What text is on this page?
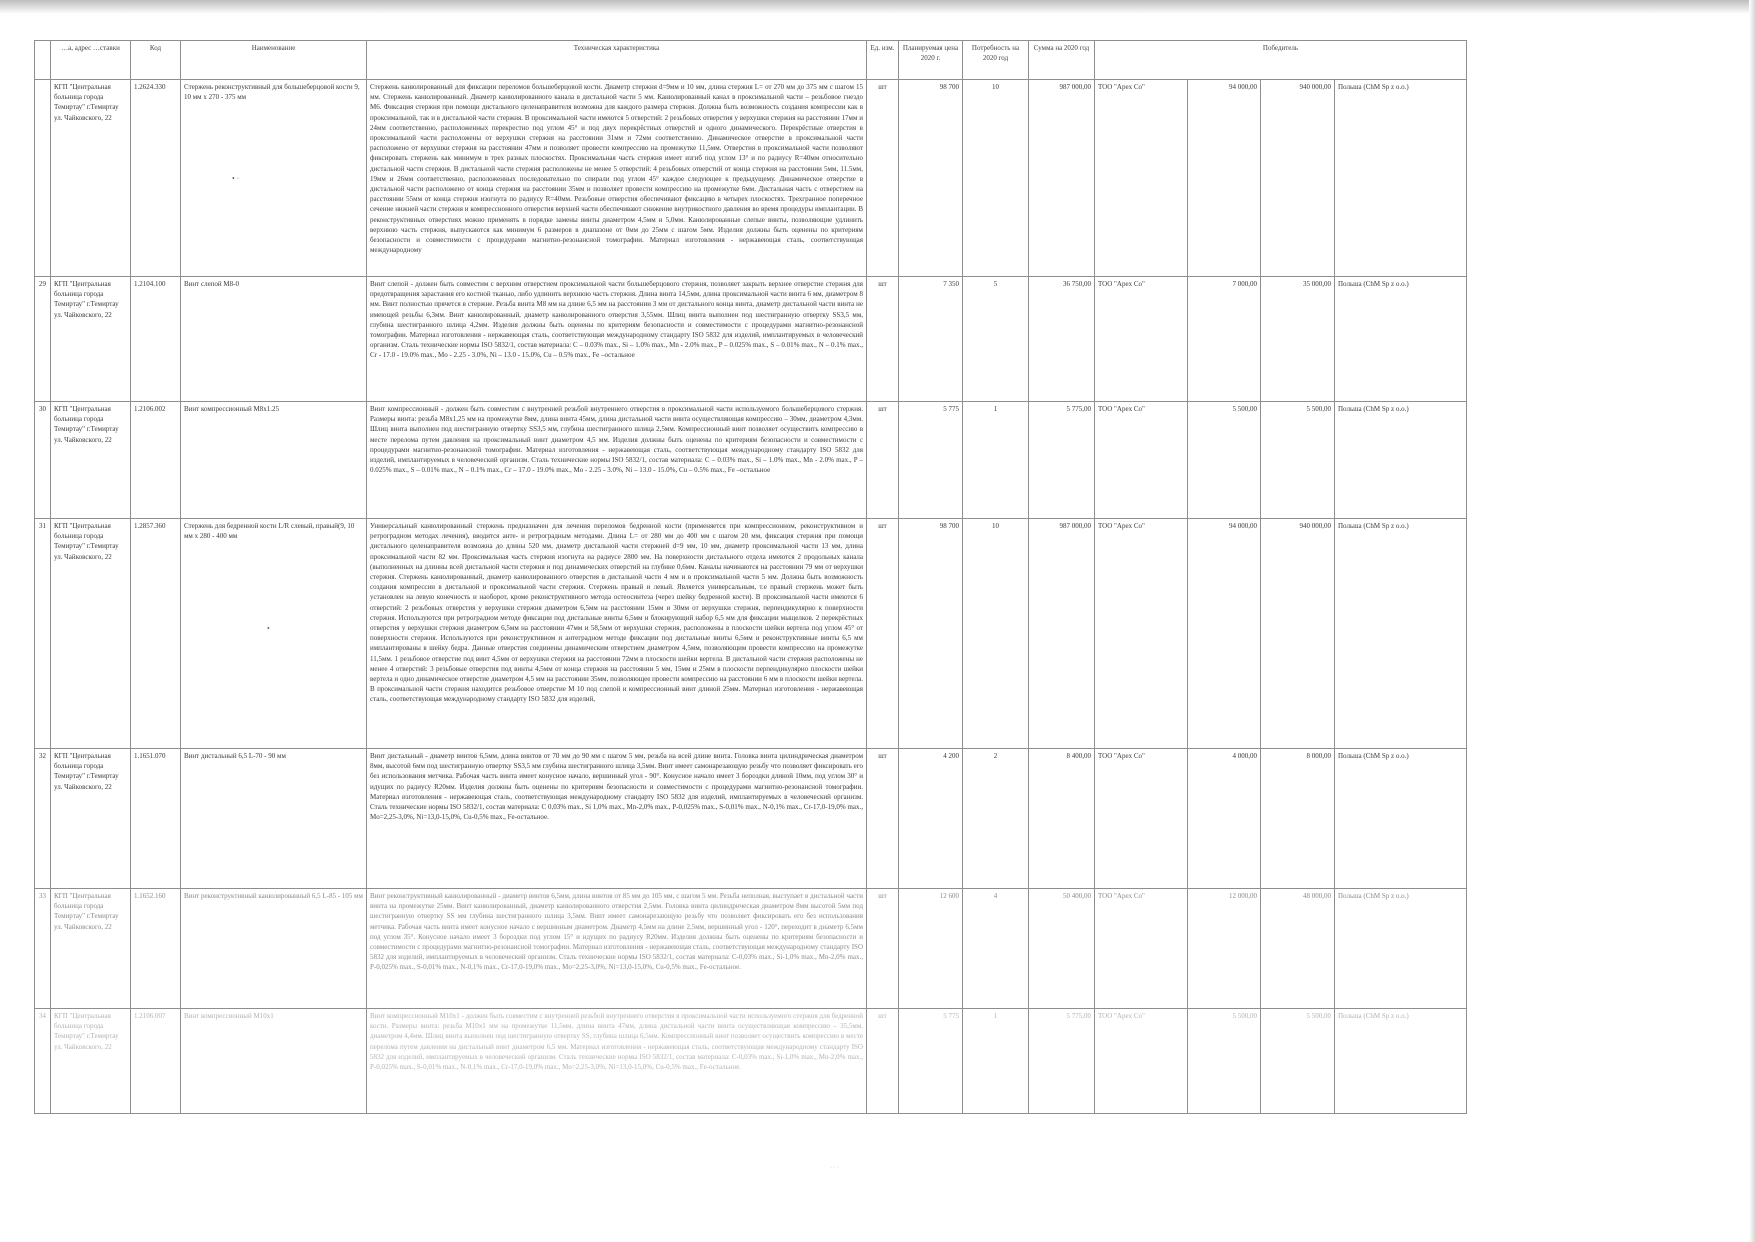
	…а, адрес …ставки	Код	Наименование	Техническая характеристика	Ед. изм.	Планируемая цена 2020 г.	Потребность на 2020 год	Сумма на 2020 год	Победитель			
	КГП "Центральная больница города Темиртау" г.Темиртау ул. Чайковского, 22	1.2624.330	Стержень реконструктивный для большеберцовой кости 9, 10 мм х 270 - 375 мм	Стержень канюлированный для фиксации переломов большеберцовой кости. Диаметр стержня d=9мм и 10 мм, длина стержня L= от 270 мм до 375 мм с шагом 15 мм. Стержень канюлированный. Диаметр канюлированного канала в дистальной части 5 мм. Канюлированный канал в проксимальной части – резьбовое гнездо М6. Фиксация стержня при помощи дистального целенаправителя возможна для каждого размера стержня. Должна быть возможность создания компрессии как в проксимальной, так и в дистальной части стержня. В проксимальной части имеются 5 отверстий: 2 резьбовых отверстия у верхушки стержня на расстоянии 17мм и 24мм соответственно, расположенных перекрестно под углом 45° и под двух перекрёстных отверстий и одного динамического. Перекрёстные отверстия в проксимальной части расположены от верхушки стержня на расстоянии 31мм и 72мм соответственно. Динамическое отверстие в проксимальной части расположено от верхушки стержня на расстоянии 47мм и позволяет провести компрессию на промежутке 11,5мм. Отверстия в проксимальной части позволяют фиксировать стержень как минимум в трех разных плоскостях. Проксимальная часть стержня имеет изгиб под углом 13° и по радиусу R=40мм относительно дистальной части стержня. В дистальной части стержня расположены не менее 5 отверстий: 4 резьбовых отверстий от конца стержня на расстоянии 5мм, 11.5мм, 19мм и 26мм соответственно, расположенных последовательно по спирали под углом 45° каждое следующее к предыдущему. Динамическое отверстие в дистальной части расположено от конца стержня на расстоянии 35мм и позволяет провести компрессию на промежутке 6мм. Дистальная часть с отверстием на расстоянии 55мм от конца стержня изогнута по радиусу R=40мм. Резьбовые отверстия обеспечивают фиксацию в четырех плоскостях. Трехгранное поперечное сечение нижней части стержня и компрессионного отверстия верхней части обеспечивают снижение внутрикостного давления во время процедуры имплантации. В реконструктивных отверстиях можно применять в порядке замены винты диаметром 4,5мм и 5,0мм. Канюлированные слепые винты, позволяющие удлинить верхнюю часть стержня, выпускаются как минимум 6 размеров в диапазоне от 0мм до 25мм с шагом 5мм. Изделия должны быть оценены по критериям безопасности и совместимости с процедурами магнитно-резонансной томографии. Материал изготовления - нержавеющая сталь, соответствующая международному	шт	98 700	10	987 000,00	ТОО "Apex Co"	94 000,00	940 000,00	Польша (ChM Sp z o.o.)
29	КГП "Центральная больница города Темиртау" г.Темиртау ул. Чайковского, 22	1.2104.100	Винт слепой М8-0	Винт слепой - должен быть совместим с верхним отверстием проксимальной части большеберцового стержня, позволяет закрыть верхнее отверстие стержня для предотвращения зарастания его костной тканью, либо удлинить верхнюю часть стержня. Длина винта 14,5мм, длина проксимальной части винта 6 мм, диаметром 8 мм. Винт полностью прячется в стержне. Резьба винта М8 мм на длине 6,5 мм на расстоянии 3 мм от дистального конца винта, диаметр дистальной части винта не имеющей резьбы 6,3мм. Винт канюлированный, диаметр канюлированного отверстия 3,55мм. Шлиц винта выполнен под шестигранную отвертку SS3,5 мм, глубина шестигранного шлица 4,2мм. Изделия должны быть оценены по критериям безопасности и совместимости с процедурами магнитно-резонансной томографии. Материал изготовления - нержавеющая сталь, соответствующая международному стандарту ISO 5832 для изделий, имплантируемых в человеческий организм. Сталь технические нормы ISO 5832/1, состав материала: C – 0.03% max., Si – 1.0% max., Mn - 2.0% max., P – 0.025% max., S – 0.01% max., N – 0.1% max., Cr - 17.0 - 19.0% max., Mo - 2.25 - 3.0%, Ni – 13.0 - 15.0%, Cu – 0.5% max., Fe –остальное	шт	7 350	5	36 750,00	ТОО "Apex Co"	7 000,00	35 000,00	Польша (ChM Sp z o.o.)
30	КГП "Центральная больница города Темиртау" г.Темиртау ул. Чайковского, 22	1.2106.002	Винт компрессионный М8х1.25	Винт компрессионный - должен быть совместим с внутренней резьбой внутреннего отверстия в проксимальной части используемого большеберцового стержня. Размеры винта: резьба М8х1,25 мм на промежутке 8мм, длина винта 45мм, длина дистальной части винта осуществляющая компрессию – 30мм, диаметром 4,3мм. Шлиц винта выполнен под шестигранную отвертку SS3,5 мм, глубина шестигранного шлица 2,5мм. Компрессионный винт позволяет осуществить компрессию в месте перелома путем давления на проксимальный винт диаметром 4,5 мм. Изделия должны быть оценены по критериям безопасности и совместимости с процедурами магнитно-резонансной томографии. Материал изготовления - нержавеющая сталь, соответствующая международному стандарту ISO 5832 для изделий, имплантируемых в человеческий организм. Сталь технические нормы ISO 5832/1, состав материала: C – 0.03% max., Si – 1.0% max., Mn - 2.0% max., P – 0.025% max., S – 0.01% max., N – 0.1% max., Cr – 17.0 - 19.0% max., Mo - 2.25 - 3.0%, Ni – 13.0 - 15.0%, Cu – 0.5% max., Fe –остальное	шт	5 775	1	5 775,00	ТОО "Apex Co"	5 500,00	5 500,00	Польша (ChM Sp z o.o.)
31	КГП "Центральная больница города Темиртау" г.Темиртау ул. Чайковского, 22	1.2857.360	Стержень для бедренной кости L/R слевый, правый(9, 10 мм х 280 - 400 мм	Универсальный канюлированный стержень предназначен для лечения переломов бедренной кости (применяется при компрессионном, реконструктивном и ретроградном методах лечения), вводится анте- и ретроградным методами. Длина L= от 280 мм до 400 мм с шагом 20 мм, фиксация стержня при помощи дистального целенаправителя возможна до длины 520 мм, диаметр дистальной части стержней d=9 мм, 10 мм, диаметр проксимальной части 13 мм, длина проксимальной части 82 мм. Проксимальная часть стержня изогнута на радиусе 2800 мм. На поверхности дистального отдела имеются 2 продольных канала (выполненных на длинны всей дистальной части стержня и под динамических отверстий на глубине 0,6мм. Каналы начинаются на расстоянии 79 мм от верхушки стержня. Стержень канюлированный, диаметр канюлированного отверстия в дистальной части 4 мм и в проксимальной части 5 мм. Должна быть возможность создания компрессии в дистальной и проксимальной части стержня. Стержень правый и левый. Является универсальным, т.е правый стержень может быть установлен на левую конечность и наоборот, кроме реконструктивного метода остеосинтеза (через шейку бедренной кости). В проксимальной части имеются 6 отверстий: 2 резьбовых отверстия у верхушки стержня диаметром 6,5мм на расстоянии 15мм и 30мм от верхушки стержня, перпендикулярно к поверхности стержня. Используются при ретроградном методе фиксации под дистальные винты 6,5мм и блокирующий набор 6,5 мм для фиксации мыщелков. 2 перекрёстных отверстия у верхушки стержня диаметром 6,5мм на расстоянии 47мм и 58,5мм от верхушки стержня, расположены в плоскости шейки вертела под углом 45° от поверхности стержня. Используются при реконструктивном и антеградном методе фиксации под дистальные винты 6,5мм и реконструктивные винты 6,5 мм имплантированы в шейку бедра. Данные отверстия соединены динамическим отверстием диаметром 4,5мм, позволяющим провести компрессию на промежутке 11,5мм. 1 резьбовое отверстие под винт 4,5мм от верхушки стержня на расстоянии 72мм в плоскости шейки вертела. В дистальной части стержня расположены не менее 4 отверстий: 3 резьбовые отверстия под винты 4,5мм от конца стержня на расстоянии 5 мм, 15мм и 25мм в плоскости перпендикулярно плоскости шейки вертела и одно динамическое отверстие диаметром 4,5 мм на расстоянии 35мм, позволяющее провести компрессию на расстоянии 6 мм в плоскости шейки вертела. В проксимальной части стержня находится резьбовое отверстие М 10 под слепой и компрессионный винт длиной 25мм. Материал изготовления - нержавеющая сталь, соответствующая международному стандарту ISO 5832 для изделий,	шт	98 700	10	987 000,00	ТОО "Apex Co"	94 000,00	940 000,00	Польша (ChM Sp z o.o.)
32	КГП "Центральная больница города Темиртау" г.Темиртау ул. Чайковского, 22	1.1651.070	Винт дистальный 6,5 L-70 - 90 мм	Винт дистальный - диаметр винтов 6,5мм, длина винтов от 70 мм до 90 мм с шагом 5 мм, резьба на всей длине винта. Головка винта цилиндрическая диаметром 8мм, высотой 6мм под шестигранную отвертку SS3,5 мм глубина шестигранного шлица 3,5мм. Винт имеет самонарезающую резьбу что позволяет фиксировать его без использования метчика. Рабочая часть винта имеет конусное начало, вершинный угол - 90°. Конусное начало имеет 3 бороздки длиной 10мм, под углом 30° и идущих по радиусу R20мм. Изделия должны быть оценены по критериям безопасности и совместимости с процедурами магнитно-резонансной томографии. Материал изготовления - нержавеющая сталь, соответствующая международному стандарту ISO 5832 для изделий, имплантируемых в человеческий организм. Сталь технические нормы ISO 5832/1, состав материала: C 0,03% max., Si 1,0% max., Mn-2,0% max., P-0,025% max., S-0,01% max., N-0,1% max., Cr-17,0-19,0% max., Mo=2,25-3,0%, Ni=13,0-15,0%, Cu-0,5% max., Fe-остальное.	шт	4 200	2	8 400,00	ТОО "Apex Co"	4 000,00	8 000,00	Польша (ChM Sp z o.o.)
33	КГП "Центральная больница города Темиртау" г.Темиртау ул. Чайковского, 22	1.1652.160	Винт реконструктивный канюлированный 6,5 L-85 - 105 мм	Винт реконструктивный канюлированный - диаметр винтов 6,5мм, длина винтов от 85 мм до 105 мм, с шагом 5 мм. Резьба неполная, выступает в дистальной части винта на промежутке 25мм. Винт канюлированный, диаметр канюлированного отверстия 2,5мм. Головка винта цилиндрическая диаметром 8мм высотой 5мм под шестигранную отвертку SS мм глубина шестигранного шлица 3,5мм. Винт имеет самонарезающую резьбу что позволяет фиксировать его без использования метчика. Рабочая часть винта имеет конусное начало с вершинным диаметром. Диаметр 4,5мм на длине 2,5мм, вершинный угол - 120°, переходит в диаметр 6,5мм под углом 35°. Конусное начало имеет 3 бороздки под углом 15° и идущих по радиусу R20мм. Изделия должны быть оценены по критериям безопасности и совместимости с процедурами магнитно-резонансной томографии. Материал изготовления - нержавеющая сталь, соответствующая международному стандарту ISO 5832 для изделий, имплантируемых в человеческий организм. Сталь технические нормы ISO 5832/1, состав материала: C-0,03% max., Si-1,0% max., Mn-2,0% max., P-0,025% max., S-0,01% max., N-0,1% max., Cr-17,0-19,0% max., Mo=2,25-3,0%, Ni=13,0-15,0%, Cu-0,5% max., Fe-остальное.	шт	12 600	4	50 400,00	ТОО "Apex Co"	12 000,00	48 000,00	Польша (ChM Sp z o.o.)
34	КГП "Центральная больница города Темиртау" г.Темиртау ул. Чайковского, 22	1.2106.007	Винт компрессионный М10х1	Винт компрессионный М10х1 - должен быть совместим с внутренней резьбой внутреннего отверстия в проксимальной части используемого стержня для бедренной кости. Размеры винта: резьба М10х1 мм на промежутке 11,5мм, длина винта 47мм, длина дистальной части винта осуществляющая компрессию – 35,5мм, диаметром 4,4мм. Шлиц винта выполнен под шестигранную отвертку SS, глубина шлица 6,5мм. Компрессионный винт позволяет осуществить компрессию в месте перелома путем давления на дистальный винт диаметром 6,5 мм. Материал изготовления - нержавеющая сталь, соответствующая международному стандарту ISO 5832 для изделий, имплантируемых в человеческий организм. Сталь технические нормы ISO 5832/1, состав материала: C-0,03% max., Si-1,0% max., Mn-2,0% max., P-0,025% max., S-0,01% max., N-0,1% max., Cr-17,0-19,0% max., Mo=2,25-3,0%, Ni=13,0-15,0%, Cu-0,5% max., Fe-остальное.	шт	5 775	1	5 775,00	ТОО "Apex Co"	5 500,00	5 500,00	Польша (ChM Sp z o.o.)
• ᐧ
•
· · ·
